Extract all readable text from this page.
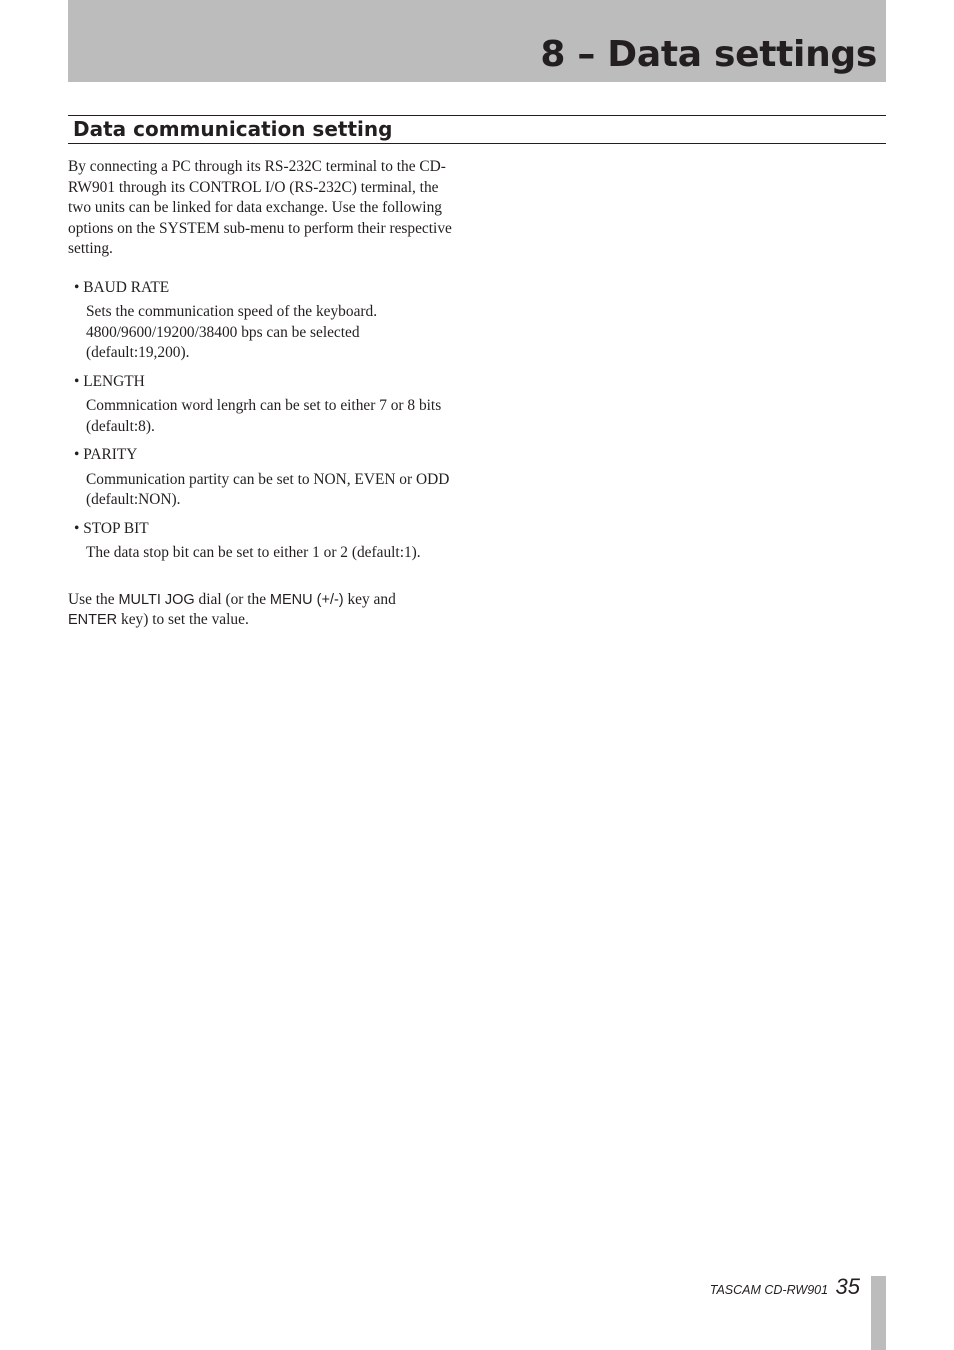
8 – Data settings
Data communication setting

By connecting a PC through its RS-232C terminal to the CD-RW901 through its CONTROL I/O (RS-232C) terminal, the two units can be linked for data exchange. Use the following options on the SYSTEM sub-menu to perform their respective setting.

• BAUD RATE

Sets the communication speed of the keyboard. 4800/9600/19200/38400 bps can be selected (default:19,200).

• LENGTH

Commnication word lengrh can be set to either 7 or 8 bits (default:8).

• PARITY

Communication partity can be set to NON, EVEN or ODD (default:NON).

• STOP BIT

The data stop bit can be set to either 1 or 2 (default:1).

Use the MULTI JOG dial (or the MENU (+/-) key and
ENTER key) to set the value.

TASCAM CD-RW901 35
